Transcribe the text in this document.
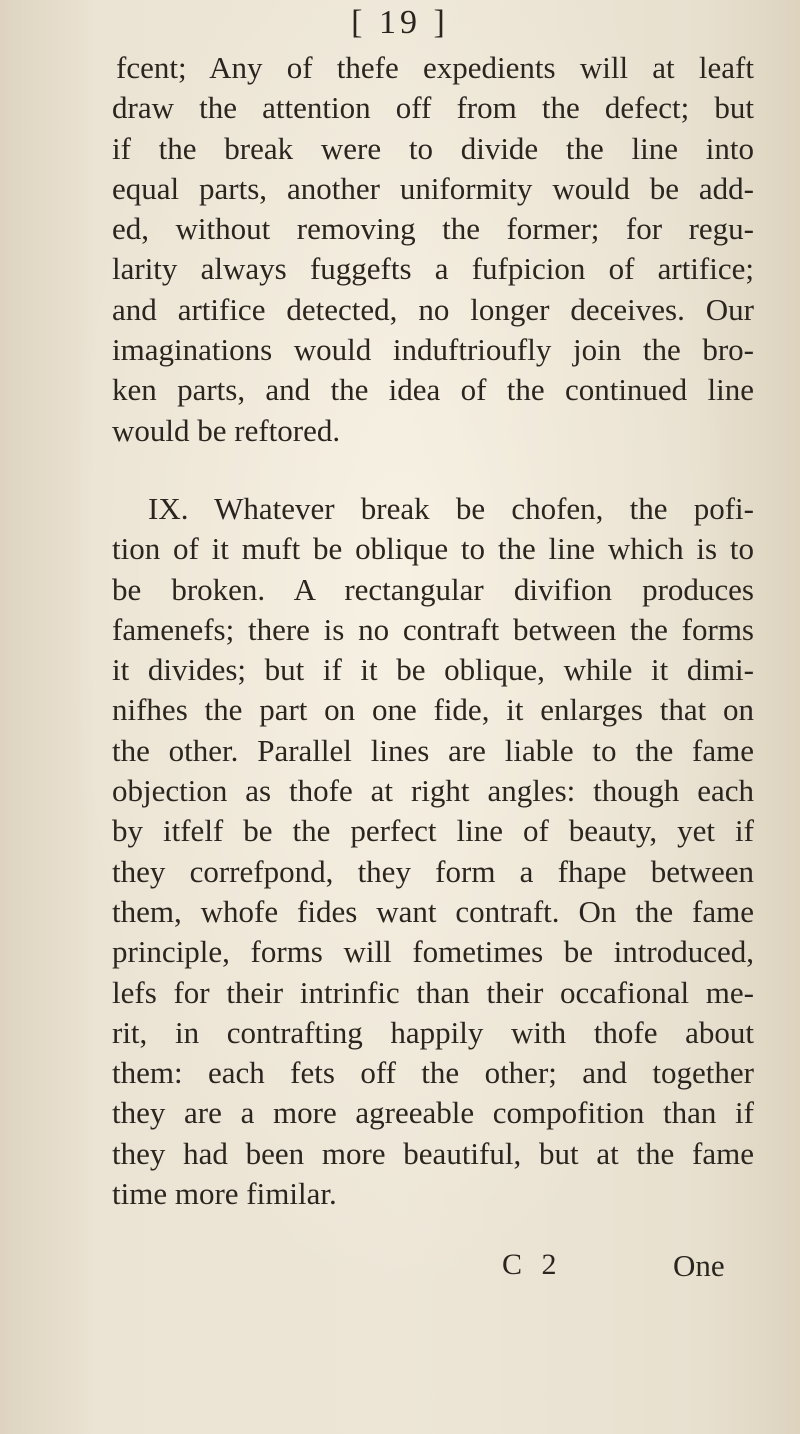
[ 19 ]
fcent; Any of thefe expedients will at leaft
draw the attention off from the defect; but
if the break were to divide the line into
equal parts, another uniformity would be add-
ed, without removing the former; for regu-
larity always fuggefts a fufpicion of artifice;
and artifice detected, no longer deceives. Our
imaginations would induftrioufly join the bro-
ken parts, and the idea of the continued line
would be reftored.
IX. Whatever break be chofen, the pofi-
tion of it muft be oblique to the line which is to
be broken. A rectangular divifion produces
famenefs; there is no contraft between the forms
it divides; but if it be oblique, while it dimi-
nifhes the part on one fide, it enlarges that on
the other. Parallel lines are liable to the fame
objection as thofe at right angles: though each
by itfelf be the perfect line of beauty, yet if
they correfpond, they form a fhape between
them, whofe fides want contraft. On the fame
principle, forms will fometimes be introduced,
lefs for their intrinfic than their occafional me-
rit, in contrafting happily with thofe about
them: each fets off the other; and together
they are a more agreeable compofition than if
they had been more beautiful, but at the fame
time more fimilar.
C 2	One
